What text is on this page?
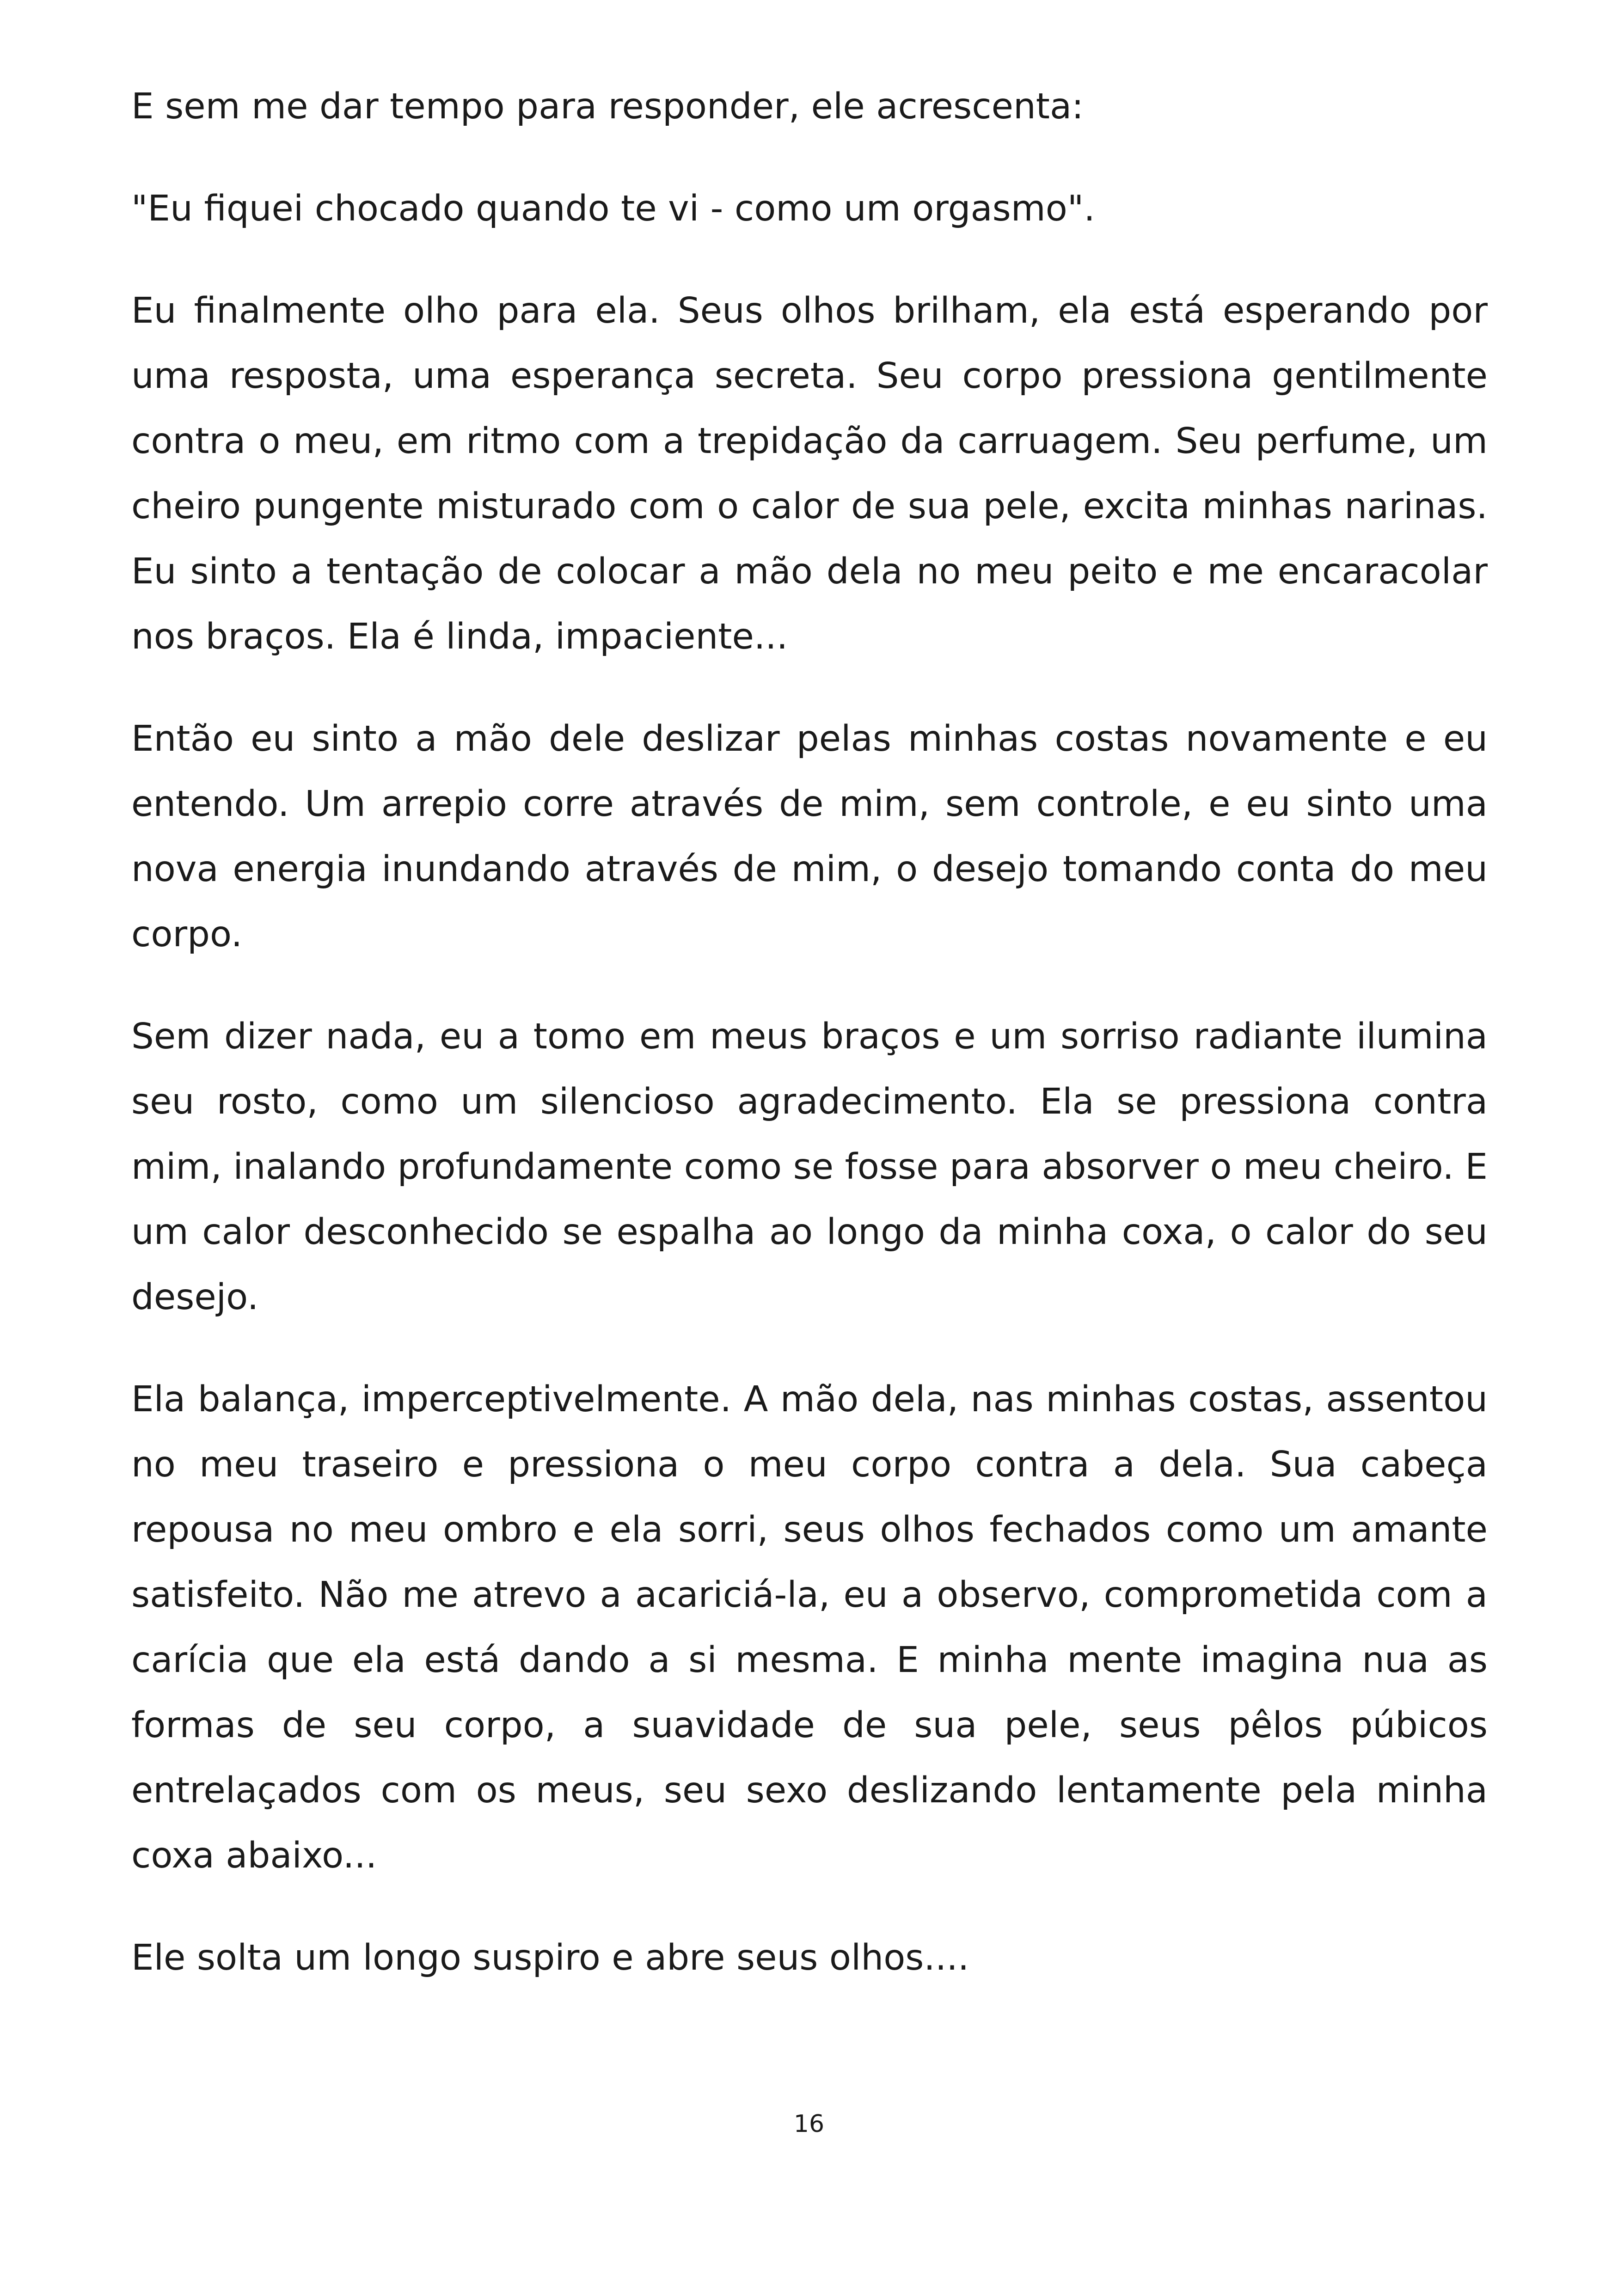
E sem me dar tempo para responder, ele acrescenta:

"Eu fiquei chocado quando te vi - como um orgasmo".

Eu finalmente olho para ela. Seus olhos brilham, ela está esperando por uma resposta, uma esperança secreta. Seu corpo pressiona gentilmente contra o meu, em ritmo com a trepidação da carruagem. Seu perfume, um cheiro pungente misturado com o calor de sua pele, excita minhas narinas. Eu sinto a tentação de colocar a mão dela no meu peito e me encaracolar nos braços. Ela é linda, impaciente...

Então eu sinto a mão dele deslizar pelas minhas costas novamente e eu entendo. Um arrepio corre através de mim, sem controle, e eu sinto uma nova energia inundando através de mim, o desejo tomando conta do meu corpo.

Sem dizer nada, eu a tomo em meus braços e um sorriso radiante ilumina seu rosto, como um silencioso agradecimento. Ela se pressiona contra mim, inalando profundamente como se fosse para absorver o meu cheiro. E um calor desconhecido se espalha ao longo da minha coxa, o calor do seu desejo.

Ela balança, imperceptivelmente. A mão dela, nas minhas costas, assentou no meu traseiro e pressiona o meu corpo contra a dela. Sua cabeça repousa no meu ombro e ela sorri, seus olhos fechados como um amante satisfeito. Não me atrevo a acariciá-la, eu a observo, comprometida com a carícia que ela está dando a si mesma. E minha mente imagina nua as formas de seu corpo, a suavidade de sua pele, seus pêlos púbicos entrelaçados com os meus, seu sexo deslizando lentamente pela minha coxa abaixo...

Ele solta um longo suspiro e abre seus olhos....

16
